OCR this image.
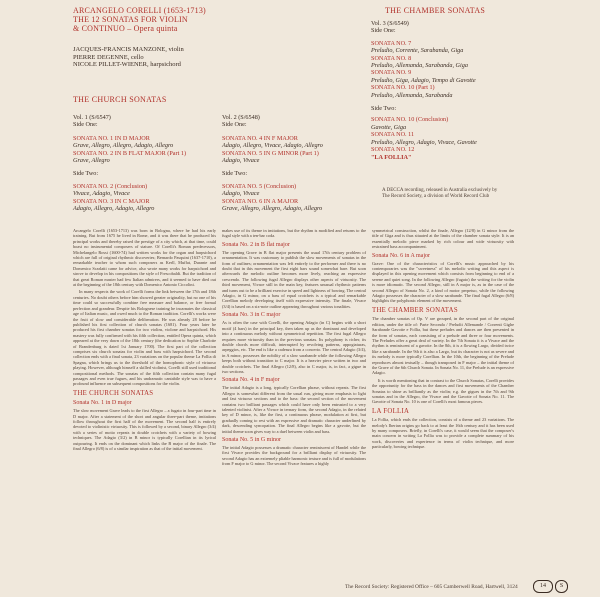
ARCANGELO CORELLI (1653-1713)
THE 12 SONATAS FOR VIOLIN
& CONTINUO – Opera quinta
JACQUES-FRANCIS MANZONE, violin
PIERRE DEGENNE, cello
NICOLE PILLET-WIENER, harpsichord
THE CHURCH SONATAS
Vol. 1 (S/6547)
Side One:
SONATA NO. 1 IN D MAJOR
Grave, Allegro, Allegro, Adagio, Allegro
SONATA NO. 2 IN B FLAT MAJOR (Part 1)
Grave, Allegro
Side Two:
SONATA NO. 2 (Conclusion)
Vivace, Adagio, Vivace
SONATA NO. 3 IN C MAJOR
Adagio, Allegro, Adagio, Allegro
Vol. 2 (S/6548)
Side One:
SONATA NO. 4 IN F MAJOR
Adagio, Allegro, Vivace, Adagio, Allegro
SONATA NO. 5 IN G MINOR (Part 1)
Adagio, Vivace
Side Two:
SONATA NO. 5 (Conclusion)
Adagio, Vivace
SONATA NO. 6 IN A MAJOR
Grave, Allegro, Allegro, Adagio, Allegro
THE CHAMBER SONATAS
Vol. 3 (S/6549)
Side One:
SONATA NO. 7
Preludio, Corrente, Sarabanda, Giga
SONATA NO. 8
Preludio, Allemanda, Sarabanda, Giga
SONATA NO. 9
Preludio, Giga, Adagio, Tempo di Gavotte
SONATA NO. 10 (Part 1)
Preludio, Allemanda, Sarabanda
Side Two:
SONATA NO. 10 (Conclusion)
Gavotte, Giga
SONATA NO. 11
Preludio, Allegro, Adagio, Vivace, Gavotte
SONATA NO. 12
"LA FOLLIA"
A DECCA recording, released in Australia exclusively by The Record Society, a division of World Record Club

Arcangelo Corelli (1653-1713) was born in Bologna, where he had his early training. But from 1675 he lived in Rome, and it was there that he produced his principal works and thereby raised the prestige of a city which, at that time, could boast no instrumental composers of stature. Of Corelli's Roman predecessors, Michelangelo Rossi (1600-74) had written works for the organ and harpsichord which are full of original rhythmic discoveries; Bernardo Pasquini (1637-1710), a remarkable teacher to whom such composers as Kerll, Muffat, Durante and Domenico Scarlatti came for advice, also wrote many works for harpsichord and strove to develop in his compositions the style of Frescobaldi. But the tradition of that great Roman master had few Italian admirers, and it seemed to have died out at the beginning of the 18th century with Domenico Antonio Ciccolini.

In many respects the work of Corelli forms the link between the 17th and 18th centuries. No doubt others before him showed greater originality, but no one of his time could so successfully combine free measure and balance, or free formal perfection and grandeur. Despite his Bolognese training he incarnates the classical age of Italian music, and owed much to the Roman tradition. Corelli's works were the fruit of slow and considerable deliberation. He was already 28 before he published his first collection of church sonatas (1681). Four years later he produced his first chamber sonatas for two violins, violone and harpsichord. His mastery was fully confirmed with his fifth collection, entitled Opera quinta, which appeared at the very dawn of the 18th century (the dedication to Sophie Charlotte of Brandenburg is dated 1st January 1700). The first part of the collection comprises six church sonatas for violin and bass with harpsichord. The second collection ends with a final sonata, 23 variations on the popular theme La Follia di Spagna, which brings us to the threshold of the homophonic style of virtuoso playing. However, although himself a skilled violinist, Corelli still used traditional compositional methods. The sonatas of the fifth collection contain many fugal passages and even true fugues, and his undramatic cantabile style was to have a profound influence on subsequent compositions for the violin.

THE CHURCH SONATAS
Sonata No. 1 in D major

The slow movement Grave leads to the first Allegro – a fugato in four-part time in D major. After a statement of the short and angular three-part theme, imitations follow throughout the first half of the movement. The second half is entirely devoted to violinistic virtuosity. This is followed by a second, binary Allegro (3/4) with a series of motto repeats in double crotchets with a variety of bowing techniques. The Adagio (3/2) in B minor is typically Corellian in its lyrical outpouring. It ends on the dominant which links the B major of the finale. The final Allegro (6/8) is of a similar inspiration as that of the initial movement.

makes use of its theme in imitations, but the rhythm is modified and returns to the fugal style with a ten-bar coda.

Sonata No. 2 in B flat major

The opening Grave in B flat major presents the usual 17th century problem of ornamentation. It was customary to publish the slow movements of sonatas in the form of outlines; ornamentation was left entirely to the performer and there is no doubt that in this movement the first eight bars sound somewhat bare. But soon afterwards the melodic outline becomes more lively, reaching an expressive crescendo. The following fugal Allegro displays other aspects of virtuosity. The third movement, Vivace still in the main key, features unusual rhythmic patterns and turns out to be a brilliant exercise in speed and lightness of bowing. The central Adagio, in G minor, on a bass of equal crotchets is a typical and remarkable Corellian melody developing itself with expressive intensity. The finale, Vivace (3/4) is based on a six-note outline appearing throughout various tonalities.

Sonata No. 3 in C major

As is often the case with Corelli, the opening Adagio (in C) begins with a short motif (4 bars) in the principal key, then taken up as the dominant and developed into a continuous melody without symmetrical repetition. The first fugal Allegro requires more virtuosity than in the previous sonatas. Its polyphony is richer, its double chords more difficult, interrupted by revolving patterns, appogiaturas, arpeggios, etc. The end is like a cadenza from a concerto. The central Adagio (3/4), in A minor, possesses the nobility of a slow sarabande while the following Allegro keeps both without transition to C major. It is a heavier piece written in two and double crotchets. The final Allegro (12/8), also in C major, is, in fact, a gigue in two sections.

Sonata No. 4 in F major

The initial Adagio is a long, typically Corellian phrase, without repeats. The first Allegro is somewhat different from the usual run, giving more emphasis to light and fast virtuoso sections and to the bass: the second section of the movement contains two brilliant passages which could have only been entrusted to a very talented violinist. After a Vivace in ternary form, the second Adagio, in the related key of D minor, is, like the first, a continuous phrase, modulation at first, but gradually coming to rest with an expressive and dramatic character underlined by dark, descending syncopation. The final Allegro begins like a gavotte, but the initial theme soon gives way to a duel between violin and bass.

Sonata No. 5 in G minor

The initial Adagio possesses a dramatic character reminiscent of Handel while the first Vivace provides the background for a brilliant display of virtuosity. The second Adagio has an extremely pliable harmonic texture and is full of modulations from F major to G minor. The second Vivace features a highly

symmetrical construction, whilst the finale, Allegro (12/8) in G minor from the title of Giga and is thus situated at the limits of the chamber sonata style. It is an essentially melodic piece marked by rich colour and wide virtuosity with restrained bass accompaniment.

Sonata No. 6 in A major

Grave: One of the characteristics of Corelli's music approached by his contemporaries was the "sweetness" of his melodic writing and this aspect is displayed in this opening movement which consists from beginning to end of a serene and quiet song. In the following Allegro (fugato) the writing for the violin is more idiomatic. The second Allegro, still in A major is, as in the case of the second Allegro of Sonata No. 2, a kind of motor perpetuo, while the following Adagio possesses the character of a slow sarabande. The final fugal Allegro (6/8) highlights the polyphonic element of the movement.

THE CHAMBER SONATAS

The chamber sonatas of Op. V are grouped, in the second part of the original edition, under the title of: Parte Seconda / Preludii Allemande / Correnti Gighe Sarabande Gavotte e Follia, but these preludes and dances are then presented in the form of sonatas, each consisting of a prelude and three or four movements. The Preludes offer a great deal of variety. In the 7th Sonata it is a Vivace and the rhythm is reminiscent of a gavotte. In the 8th, it is a flowing Largo, divided twice like a sarabande. In the 9th it is also a Largo, but its character is not as severe and its melody is more typically Corellian. In the 10th, the beginning of the Prelude reproduces almost textually – though transposed in F major – the initial theme of the Grave of the 6th Church Sonata. In Sonata No. 11, the Prelude is an expressive Adagio.

It is worth mentioning that in contrast to the Church Sonatas, Corelli provides the opportunity for the bass in the dances and first movements of the Chamber Sonatas to shine as brilliantly as the violin; e.g. the gigues in the 7th and 9th sonatas and in the Allegro, the Vivace and the Gavotte of Sonata No. 11. The Gavotte of Sonata No. 10 is one of Corelli's most famous pieces.

LA FOLLIA

La Follia, which ends the collection, consists of a theme and 23 variations. The melody's Iberian origins go back to at least the 16th century and it has been used by many composers. Briefly, in Corelli's case, it would seem that the composer's main concern in writing La Follia was to provide a complete summary of his work, discoveries and experience in terms of violin technique, and more particularly, bowing technique.

The Record Society: Registered Office – 605 Camberwell Road, Hartwell, 3124	14	S
